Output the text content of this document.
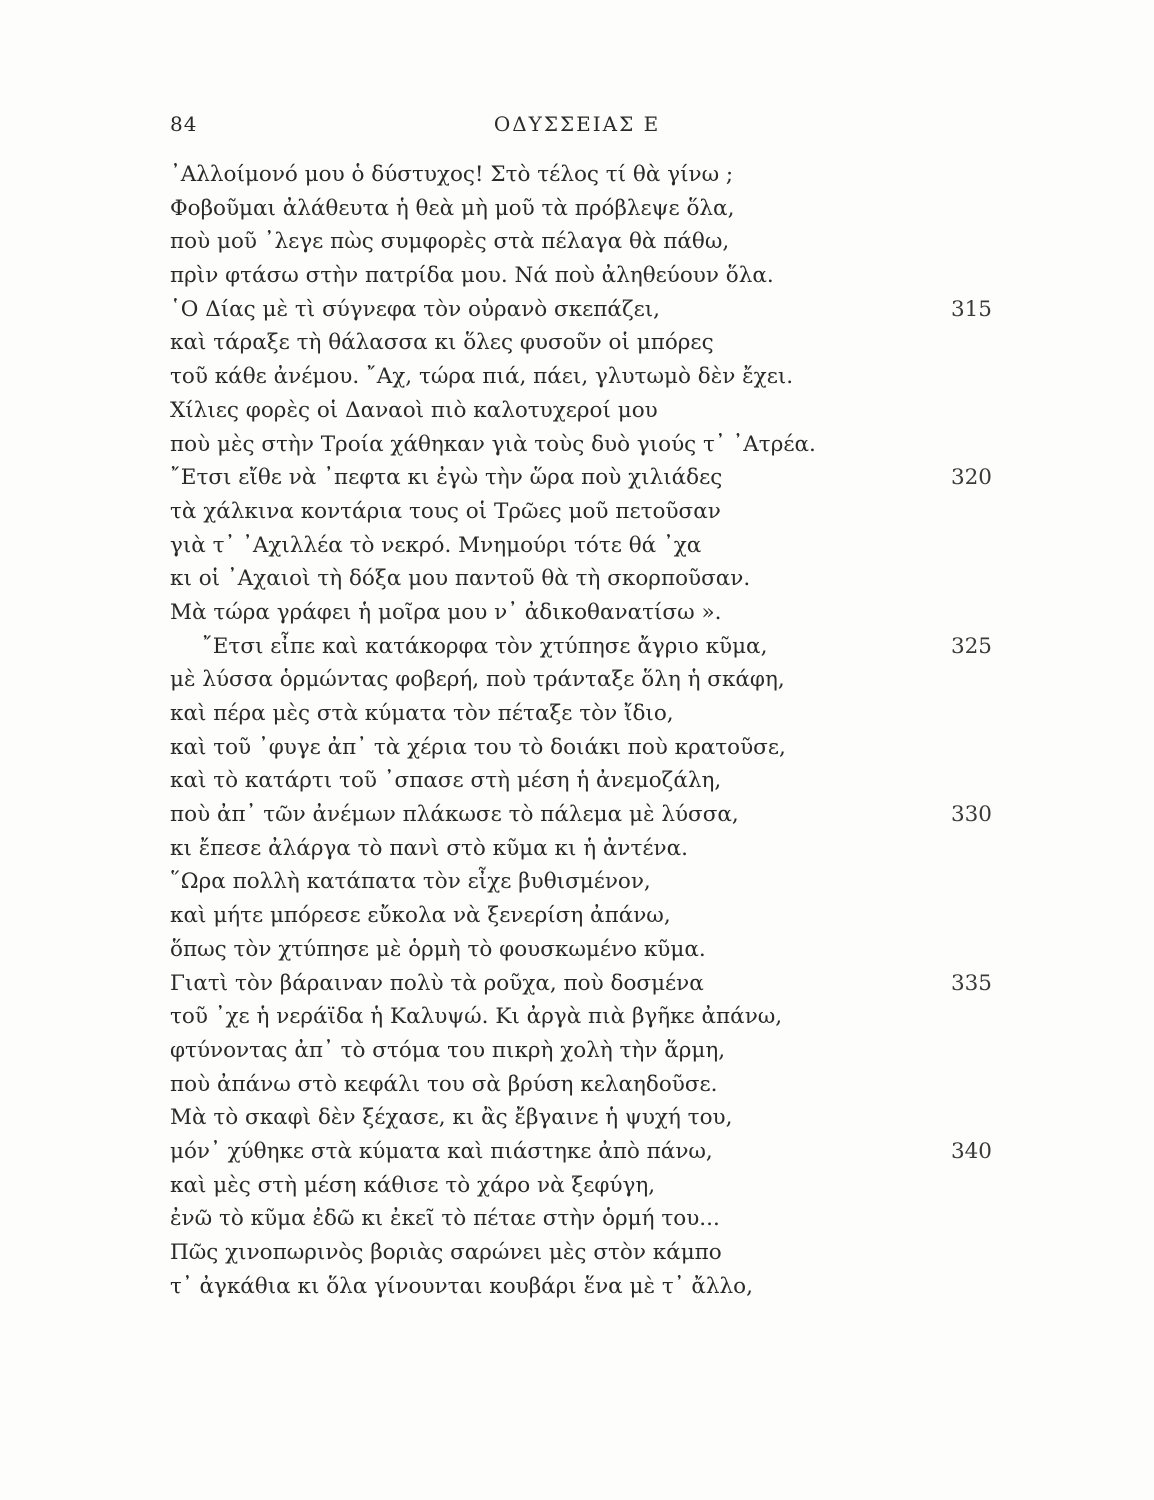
84	ΟΔΥΣΣΕΙΑΣ Ε
᾿Αλλοίμονό μου ὁ δύστυχος! Στὸ τέλος τί θὰ γίνω ;
Φοβοῦμαι ἀλάθευτα ἡ θεὰ μὴ μοῦ τὰ πρόβλεψε ὅλα,
ποὺ μοῦ ᾿λεγε πὼς συμφορὲς στὰ πέλαγα θὰ πάθω,
πρὶν φτάσω στὴν πατρίδα μου. Νά ποὺ ἀληθεύουν ὅλα.
῾Ο Δίας μὲ τὶ σύγνεφα τὸν οὐρανὸ σκεπάζει,	315
καὶ τάραξε τὴ θάλασσα κι ὅλες φυσοῦν οἱ μπόρες
τοῦ κάθε ἀνέμου. ῎Αχ, τώρα πιά, πάει, γλυτωμὸ δὲν ἔχει.
Χίλιες φορὲς οἱ Δαναοὶ πιὸ καλοτυχεροί μου
ποὺ μὲς στὴν Τροία χάθηκαν γιὰ τοὺς δυὸ γιούς τ᾿ ᾿Ατρέα.
῎Ετσι εἴθε νὰ ᾿πεφτα κι ἐγὼ τὴν ὥρα ποὺ χιλιάδες	320
τὰ χάλκινα κοντάρια τους οἱ Τρῶες μοῦ πετοῦσαν
γιὰ τ᾿ ᾿Αχιλλέα τὸ νεκρό. Μνημούρι τότε θά ᾿χα
κι οἱ ᾿Αχαιοὶ τὴ δόξα μου παντοῦ θὰ τὴ σκορποῦσαν.
Μὰ τώρα γράφει ἡ μοῖρα μου ν᾿ ἀδικοθανατίσω ».
῎Ετσι εἶπε καὶ κατάκορφα τὸν χτύπησε ἄγριο κῦμα,	325
μὲ λύσσα ὁρμώντας φοβερή, ποὺ τράνταξε ὅλη ἡ σκάφη,
καὶ πέρα μὲς στὰ κύματα τὸν πέταξε τὸν ἴδιο,
καὶ τοῦ ᾿φυγε ἀπ᾿ τὰ χέρια του τὸ δοιάκι ποὺ κρατοῦσε,
καὶ τὸ κατάρτι τοῦ ᾿σπασε στὴ μέση ἡ ἀνεμοζάλη,
ποὺ ἀπ᾿ τῶν ἀνέμων πλάκωσε τὸ πάλεμα μὲ λύσσα,	330
κι ἔπεσε ἀλάργα τὸ πανὶ στὸ κῦμα κι ἡ ἀντένα.
῞Ωρα πολλὴ κατάπατα τὸν εἶχε βυθισμένον,
καὶ μήτε μπόρεσε εὔκολα νὰ ξενερίση ἀπάνω,
ὅπως τὸν χτύπησε μὲ ὁρμὴ τὸ φουσκωμένο κῦμα.
Γιατὶ τὸν βάραιναν πολὺ τὰ ροῦχα, ποὺ δοσμένα	335
τοῦ ᾿χε ἡ νεράϊδα ἡ Καλυψώ. Κι ἀργὰ πιὰ βγῆκε ἀπάνω,
φτύνοντας ἀπ᾿ τὸ στόμα του πικρὴ χολὴ τὴν ἅρμη,
ποὺ ἀπάνω στὸ κεφάλι του σὰ βρύση κελαηδοῦσε.
Μὰ τὸ σκαφὶ δὲν ξέχασε, κι ἂς ἔβγαινε ἡ ψυχή του,
μόν᾿ χύθηκε στὰ κύματα καὶ πιάστηκε ἀπὸ πάνω,	340
καὶ μὲς στὴ μέση κάθισε τὸ χάρο νὰ ξεφύγη,
ἐνῶ τὸ κῦμα ἐδῶ κι ἐκεῖ τὸ πέταε στὴν ὁρμή του...
Πῶς χινοπωρινὸς βοριὰς σαρώνει μὲς στὸν κάμπο
τ᾿ ἀγκάθια κι ὅλα γίνουνται κουβάρι ἕνα μὲ τ᾿ ἄλλο,
